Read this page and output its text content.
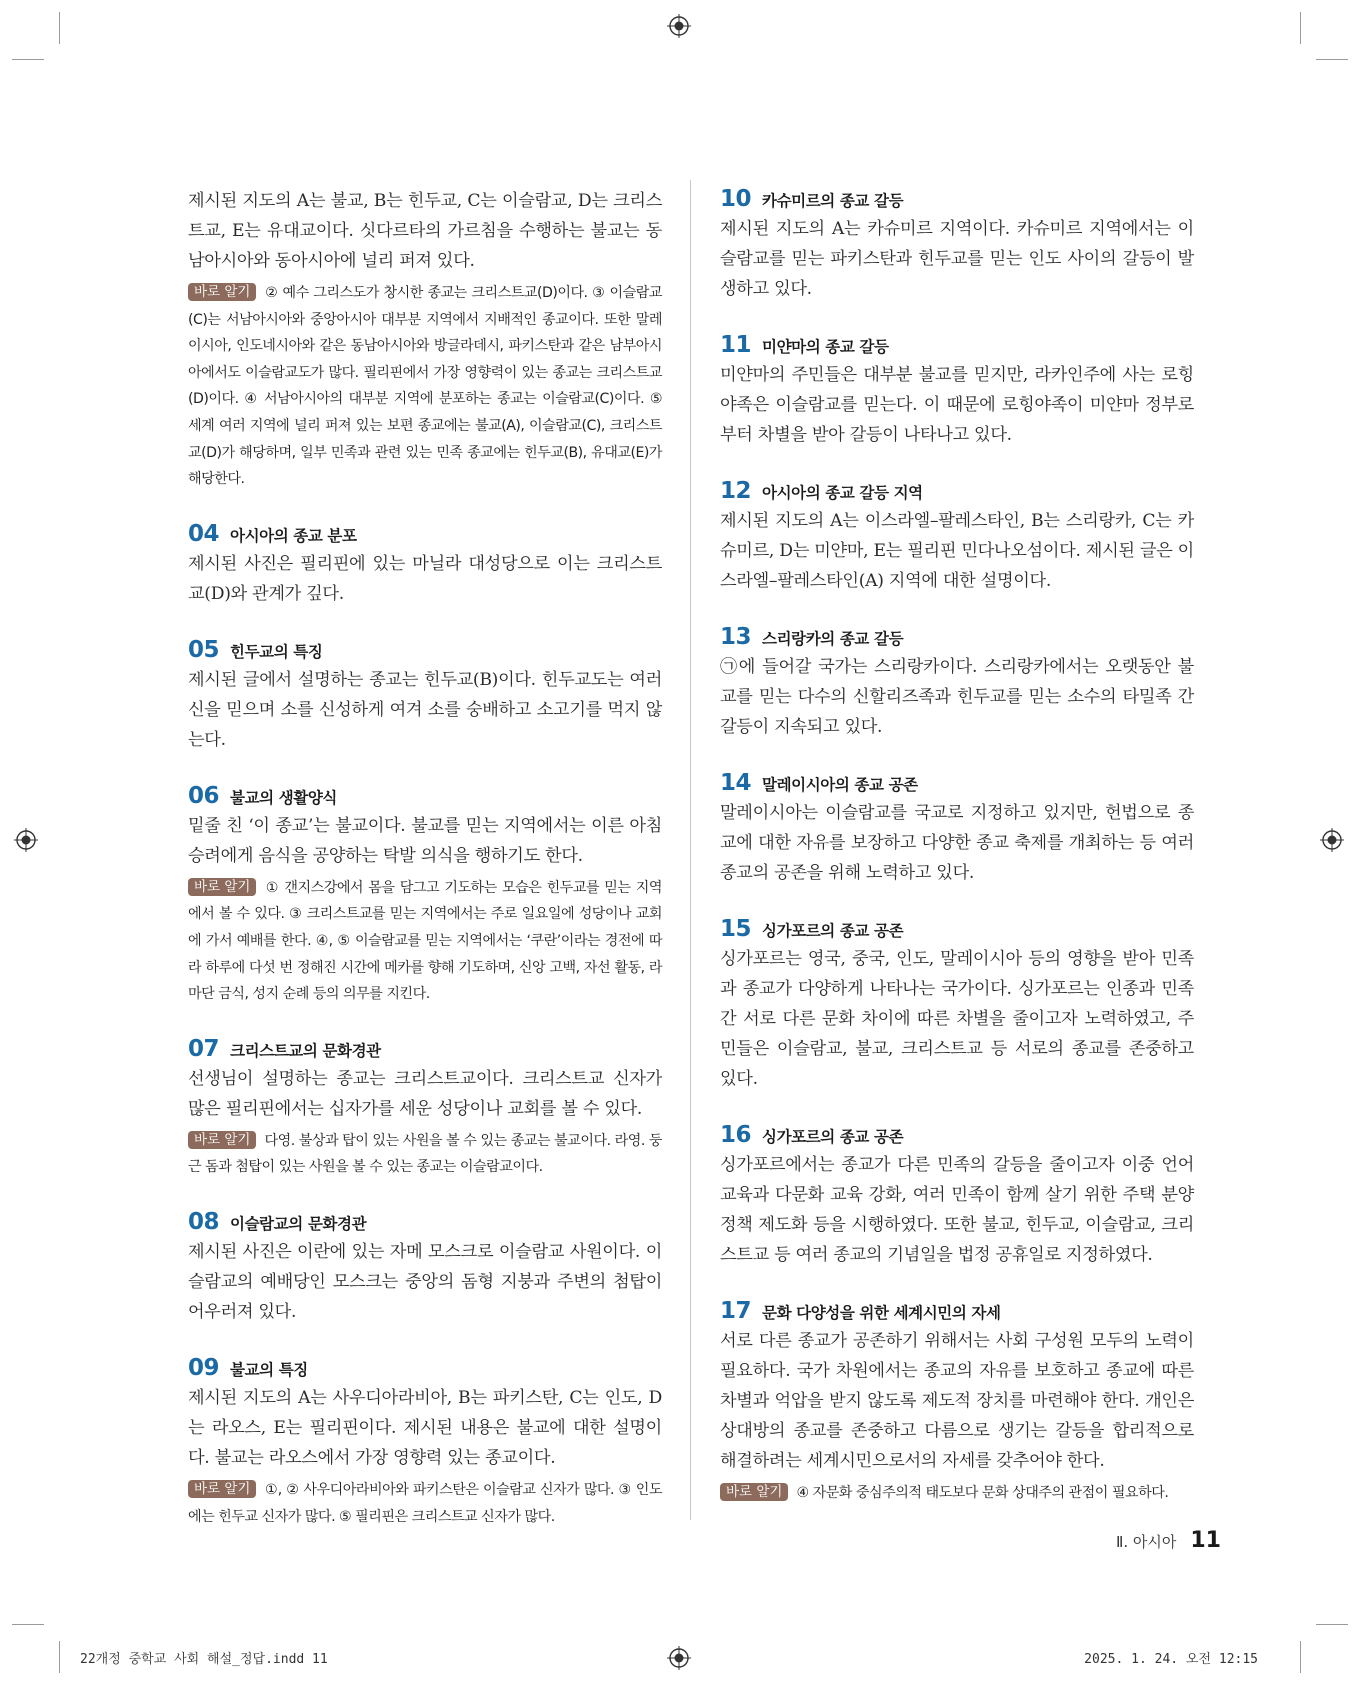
제시된 지도의 A는 불교, B는 힌두교, C는 이슬람교, D는 크리스트교, E는 유대교이다. 싯다르타의 가르침을 수행하는 불교는 동남아시아와 동아시아에 널리 퍼져 있다.
바로 알기 ② 예수 그리스도가 창시한 종교는 크리스트교(D)이다. ③ 이슬람교(C)는 서남아시아와 중앙아시아 대부분 지역에서 지배적인 종교이다. 또한 말레이시아, 인도네시아와 같은 동남아시아와 방글라데시, 파키스탄과 같은 남부아시아에서도 이슬람교도가 많다. 필리핀에서 가장 영향력이 있는 종교는 크리스트교(D)이다. ④ 서남아시아의 대부분 지역에 분포하는 종교는 이슬람교(C)이다. ⑤ 세계 여러 지역에 널리 퍼져 있는 보편 종교에는 불교(A), 이슬람교(C), 크리스트교(D)가 해당하며, 일부 민족과 관련 있는 민족 종교에는 힌두교(B), 유대교(E)가 해당한다.
04 아시아의 종교 분포
제시된 사진은 필리핀에 있는 마닐라 대성당으로 이는 크리스트교(D)와 관계가 깊다.
05 힌두교의 특징
제시된 글에서 설명하는 종교는 힌두교(B)이다. 힌두교도는 여러 신을 믿으며 소를 신성하게 여겨 소를 숭배하고 소고기를 먹지 않는다.
06 불교의 생활양식
밑줄 친 ‘이 종교’는 불교이다. 불교를 믿는 지역에서는 이른 아침 승려에게 음식을 공양하는 탁발 의식을 행하기도 한다.
바로 알기 ① 갠지스강에서 몸을 담그고 기도하는 모습은 힌두교를 믿는 지역에서 볼 수 있다. ③ 크리스트교를 믿는 지역에서는 주로 일요일에 성당이나 교회에 가서 예배를 한다. ④, ⑤ 이슬람교를 믿는 지역에서는 ‘쿠란’이라는 경전에 따라 하루에 다섯 번 정해진 시간에 메카를 향해 기도하며, 신앙 고백, 자선 활동, 라마단 금식, 성지 순례 등의 의무를 지킨다.
07 크리스트교의 문화경관
선생님이 설명하는 종교는 크리스트교이다. 크리스트교 신자가 많은 필리핀에서는 십자가를 세운 성당이나 교회를 볼 수 있다.
바로 알기 다영. 불상과 탑이 있는 사원을 볼 수 있는 종교는 불교이다. 라영. 둥근 돔과 첨탑이 있는 사원을 볼 수 있는 종교는 이슬람교이다.
08 이슬람교의 문화경관
제시된 사진은 이란에 있는 자메 모스크로 이슬람교 사원이다. 이슬람교의 예배당인 모스크는 중앙의 돔형 지붕과 주변의 첨탑이 어우러져 있다.
09 불교의 특징
제시된 지도의 A는 사우디아라비아, B는 파키스탄, C는 인도, D는 라오스, E는 필리핀이다. 제시된 내용은 불교에 대한 설명이다. 불교는 라오스에서 가장 영향력 있는 종교이다.
바로 알기 ①, ② 사우디아라비아와 파키스탄은 이슬람교 신자가 많다. ③ 인도에는 힌두교 신자가 많다. ⑤ 필리핀은 크리스트교 신자가 많다.
10 카슈미르의 종교 갈등
제시된 지도의 A는 카슈미르 지역이다. 카슈미르 지역에서는 이슬람교를 믿는 파키스탄과 힌두교를 믿는 인도 사이의 갈등이 발생하고 있다.
11 미얀마의 종교 갈등
미얀마의 주민들은 대부분 불교를 믿지만, 라카인주에 사는 로힝야족은 이슬람교를 믿는다. 이 때문에 로힝야족이 미얀마 정부로부터 차별을 받아 갈등이 나타나고 있다.
12 아시아의 종교 갈등 지역
제시된 지도의 A는 이스라엘–팔레스타인, B는 스리랑카, C는 카슈미르, D는 미얀마, E는 필리핀 민다나오섬이다. 제시된 글은 이스라엘–팔레스타인(A) 지역에 대한 설명이다.
13 스리랑카의 종교 갈등
㉠에 들어갈 국가는 스리랑카이다. 스리랑카에서는 오랫동안 불교를 믿는 다수의 신할리즈족과 힌두교를 믿는 소수의 타밀족 간 갈등이 지속되고 있다.
14 말레이시아의 종교 공존
말레이시아는 이슬람교를 국교로 지정하고 있지만, 헌법으로 종교에 대한 자유를 보장하고 다양한 종교 축제를 개최하는 등 여러 종교의 공존을 위해 노력하고 있다.
15 싱가포르의 종교 공존
싱가포르는 영국, 중국, 인도, 말레이시아 등의 영향을 받아 민족과 종교가 다양하게 나타나는 국가이다. 싱가포르는 인종과 민족 간 서로 다른 문화 차이에 따른 차별을 줄이고자 노력하였고, 주민들은 이슬람교, 불교, 크리스트교 등 서로의 종교를 존중하고 있다.
16 싱가포르의 종교 공존
싱가포르에서는 종교가 다른 민족의 갈등을 줄이고자 이중 언어 교육과 다문화 교육 강화, 여러 민족이 함께 살기 위한 주택 분양 정책 제도화 등을 시행하였다. 또한 불교, 힌두교, 이슬람교, 크리스트교 등 여러 종교의 기념일을 법정 공휴일로 지정하였다.
17 문화 다양성을 위한 세계시민의 자세
서로 다른 종교가 공존하기 위해서는 사회 구성원 모두의 노력이 필요하다. 국가 차원에서는 종교의 자유를 보호하고 종교에 따른 차별과 억압을 받지 않도록 제도적 장치를 마련해야 한다. 개인은 상대방의 종교를 존중하고 다름으로 생기는 갈등을 합리적으로 해결하려는 세계시민으로서의 자세를 갖추어야 한다.
바로 알기 ④ 자문화 중심주의적 태도보다 문화 상대주의 관점이 필요하다.
Ⅱ. 아시아 11
22개정 중학교 사회 해설_정답.indd 11	2025. 1. 24. 오전 12:15
